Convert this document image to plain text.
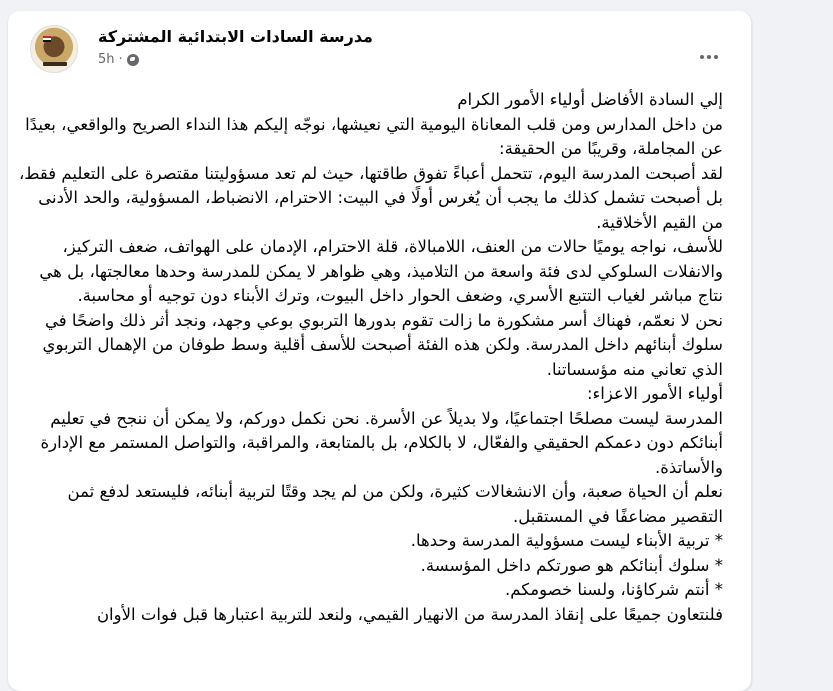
مدرسة السادات الابتدائية المشتركة
5h ·

إلي السادة الأفاضل أولياء الأمور الكرام

من داخل المدارس ومن قلب المعاناة اليومية التي نعيشها، نوجّه إليكم هذا النداء الصريح والواقعي، بعيدًا عن المجاملة، وقريبًا من الحقيقة:

لقد أصبحت المدرسة اليوم، تتحمل أعباءً تفوق طاقتها، حيث لم تعد مسؤوليتنا مقتصرة على التعليم فقط، بل أصبحت تشمل كذلك ما يجب أن يُغرس أولًا في البيت: الاحترام، الانضباط، المسؤولية، والحد الأدنى من القيم الأخلاقية.

للأسف، نواجه يوميًا حالات من العنف، اللامبالاة، قلة الاحترام، الإدمان على الهواتف، ضعف التركيز، والانفلات السلوكي لدى فئة واسعة من التلاميذ، وهي ظواهر لا يمكن للمدرسة وحدها معالجتها، بل هي نتاج مباشر لغياب التتبع الأسري، وضعف الحوار داخل البيوت، وترك الأبناء دون توجيه أو محاسبة.

نحن لا نعمّم، فهناك أسر مشكورة ما زالت تقوم بدورها التربوي بوعي وجهد، ونجد أثر ذلك واضحًا في سلوك أبنائهم داخل المدرسة. ولكن هذه الفئة أصبحت للأسف أقلية وسط طوفان من الإهمال التربوي الذي تعاني منه مؤسساتنا.

أولياء الأمور الاعزاء:

المدرسة ليست مصلحًا اجتماعيًا، ولا بديلاً عن الأسرة. نحن نكمل دوركم، ولا يمكن أن ننجح في تعليم أبنائكم دون دعمكم الحقيقي والفعّال، لا بالكلام، بل بالمتابعة، والمراقبة، والتواصل المستمر مع الإدارة والأساتذة.

نعلم أن الحياة صعبة، وأن الانشغالات كثيرة، ولكن من لم يجد وقتًا لتربية أبنائه، فليستعد لدفع ثمن التقصير مضاعفًا في المستقبل.

* تربية الأبناء ليست مسؤولية المدرسة وحدها.

* سلوك أبنائكم هو صورتكم داخل المؤسسة.

* أنتم شركاؤنا، ولسنا خصومكم.

فلنتعاون جميعًا على إنقاذ المدرسة من الانهيار القيمي، ولنعد للتربية اعتبارها قبل فوات الأوان
